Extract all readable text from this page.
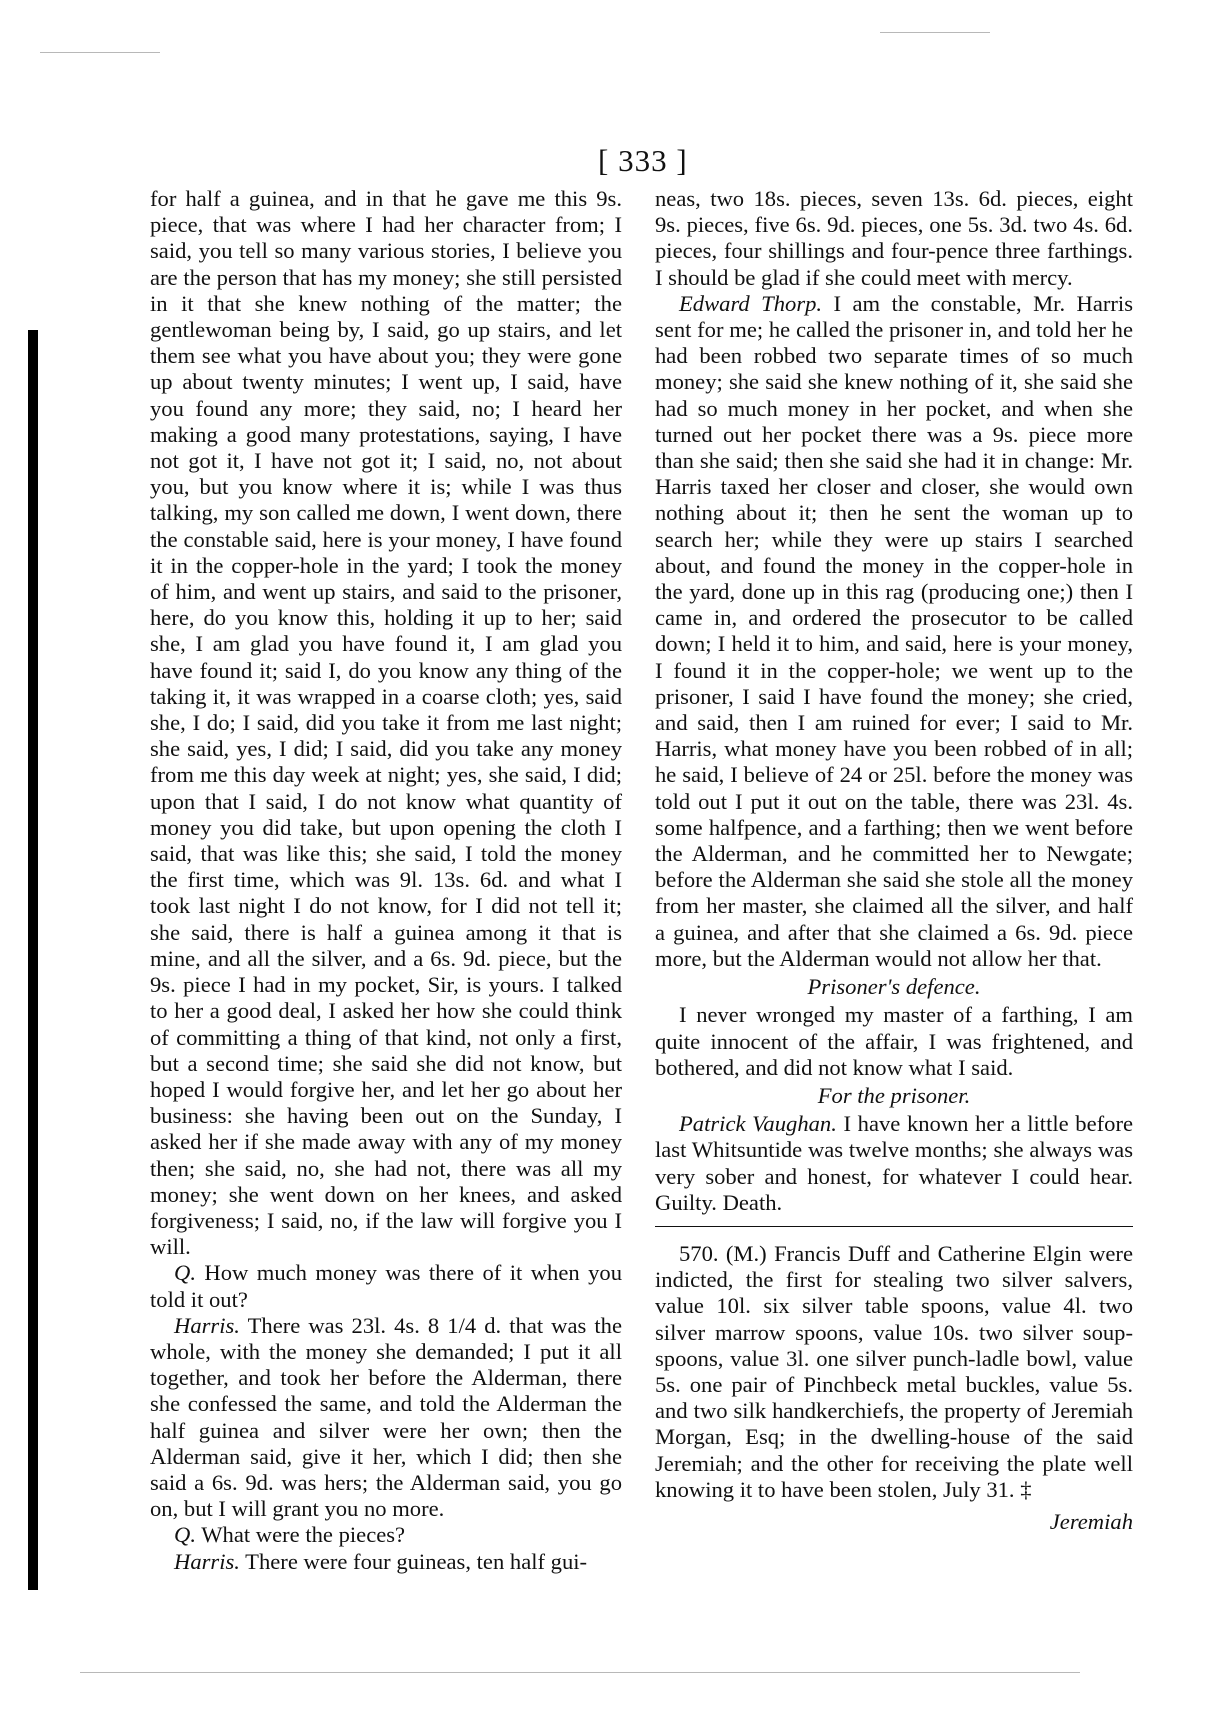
[ 333 ]

for half a guinea, and in that he gave me this 9s. piece, that was where I had her character from; I said, you tell so many various stories, I believe you are the person that has my money; she still persisted in it that she knew nothing of the matter; the gentlewoman being by, I said, go up stairs, and let them see what you have about you; they were gone up about twenty minutes; I went up, I said, have you found any more; they said, no; I heard her making a good many protestations, saying, I have not got it, I have not got it; I said, no, not about you, but you know where it is; while I was thus talking, my son called me down, I went down, there the constable said, here is your money, I have found it in the copper-hole in the yard; I took the money of him, and went up stairs, and said to the prisoner, here, do you know this, holding it up to her; said she, I am glad you have found it, I am glad you have found it; said I, do you know any thing of the taking it, it was wrapped in a coarse cloth; yes, said she, I do; I said, did you take it from me last night; she said, yes, I did; I said, did you take any money from me this day week at night; yes, she said, I did; upon that I said, I do not know what quantity of money you did take, but upon opening the cloth I said, that was like this; she said, I told the money the first time, which was 9l. 13s. 6d. and what I took last night I do not know, for I did not tell it; she said, there is half a guinea among it that is mine, and all the silver, and a 6s. 9d. piece, but the 9s. piece I had in my pocket, Sir, is yours. I talked to her a good deal, I asked her how she could think of committing a thing of that kind, not only a first, but a second time; she said she did not know, but hoped I would forgive her, and let her go about her business: she having been out on the Sunday, I asked her if she made away with any of my money then; she said, no, she had not, there was all my money; she went down on her knees, and asked forgiveness; I said, no, if the law will forgive you I will.

Q. How much money was there of it when you told it out?

Harris. There was 23l. 4s. 8 1/4 d. that was the whole, with the money she demanded; I put it all together, and took her before the Alderman, there she confessed the same, and told the Alderman the half guinea and silver were her own; then the Alderman said, give it her, which I did; then she said a 6s. 9d. was hers; the Alderman said, you go on, but I will grant you no more.

Q. What were the pieces?

Harris. There were four guineas, ten half gui-

neas, two 18s. pieces, seven 13s. 6d. pieces, eight 9s. pieces, five 6s. 9d. pieces, one 5s. 3d. two 4s. 6d. pieces, four shillings and four-pence three farthings. I should be glad if she could meet with mercy.

Edward Thorp. I am the constable, Mr. Harris sent for me; he called the prisoner in, and told her he had been robbed two separate times of so much money; she said she knew nothing of it, she said she had so much money in her pocket, and when she turned out her pocket there was a 9s. piece more than she said; then she said she had it in change: Mr. Harris taxed her closer and closer, she would own nothing about it; then he sent the woman up to search her; while they were up stairs I searched about, and found the money in the copper-hole in the yard, done up in this rag (producing one;) then I came in, and ordered the prosecutor to be called down; I held it to him, and said, here is your money, I found it in the copper-hole; we went up to the prisoner, I said I have found the money; she cried, and said, then I am ruined for ever; I said to Mr. Harris, what money have you been robbed of in all; he said, I believe of 24 or 25l. before the money was told out I put it out on the table, there was 23l. 4s. some halfpence, and a farthing; then we went before the Alderman, and he committed her to Newgate; before the Alderman she said she stole all the money from her master, she claimed all the silver, and half a guinea, and after that she claimed a 6s. 9d. piece more, but the Alderman would not allow her that.

Prisoner's defence.

I never wronged my master of a farthing, I am quite innocent of the affair, I was frightened, and bothered, and did not know what I said.

For the prisoner.

Patrick Vaughan. I have known her a little before last Whitsuntide was twelve months; she always was very sober and honest, for whatever I could hear. Guilty. Death.

570. (M.) Francis Duff and Catherine Elgin were indicted, the first for stealing two silver salvers, value 10l. six silver table spoons, value 4l. two silver marrow spoons, value 10s. two silver soup-spoons, value 3l. one silver punch-ladle bowl, value 5s. one pair of Pinchbeck metal buckles, value 5s. and two silk handkerchiefs, the property of Jeremiah Morgan, Esq; in the dwelling-house of the said Jeremiah; and the other for receiving the plate well knowing it to have been stolen, July 31. ‡

Jeremiah
